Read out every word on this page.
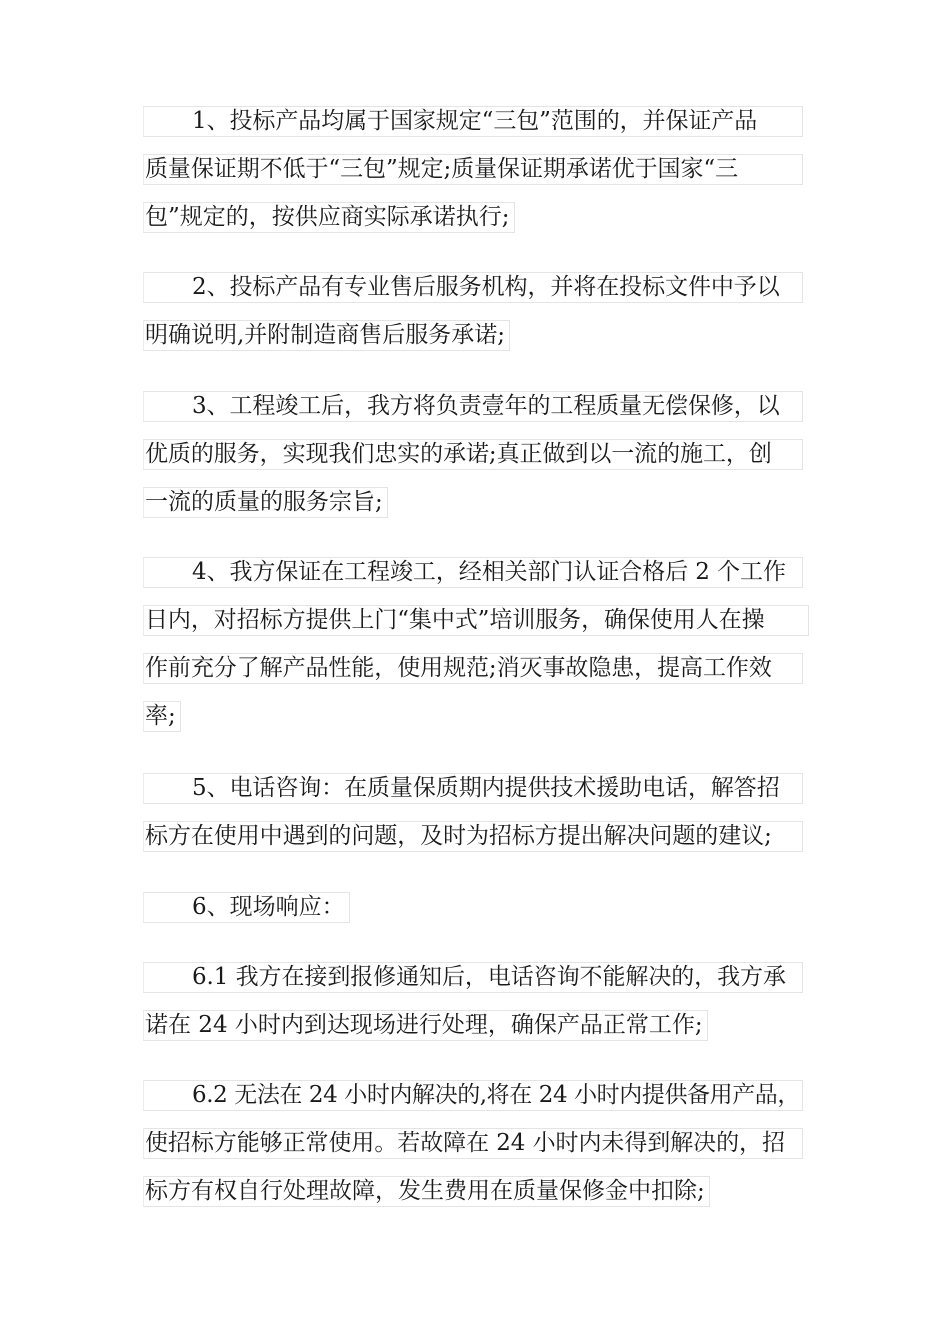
1、投标产品均属于国家规定“三包”范围的，并保证产品
质量保证期不低于“三包”规定;质量保证期承诺优于国家“三
包”规定的，按供应商实际承诺执行;
2、投标产品有专业售后服务机构，并将在投标文件中予以
明确说明,并附制造商售后服务承诺;
3、工程竣工后，我方将负责壹年的工程质量无偿保修，以
优质的服务，实现我们忠实的承诺;真正做到以一流的施工，创
一流的质量的服务宗旨;
4、我方保证在工程竣工，经相关部门认证合格后 2 个工作
日内，对招标方提供上门“集中式”培训服务，确保使用人在操
作前充分了解产品性能，使用规范;消灭事故隐患，提高工作效
率;
5、电话咨询：在质量保质期内提供技术援助电话，解答招
标方在使用中遇到的问题，及时为招标方提出解决问题的建议;
6、现场响应：
6.1 我方在接到报修通知后，电话咨询不能解决的，我方承
诺在 24 小时内到达现场进行处理，确保产品正常工作;
6.2 无法在 24 小时内解决的,将在 24 小时内提供备用产品，
使招标方能够正常使用。若故障在 24 小时内未得到解决的，招
标方有权自行处理故障，发生费用在质量保修金中扣除;
